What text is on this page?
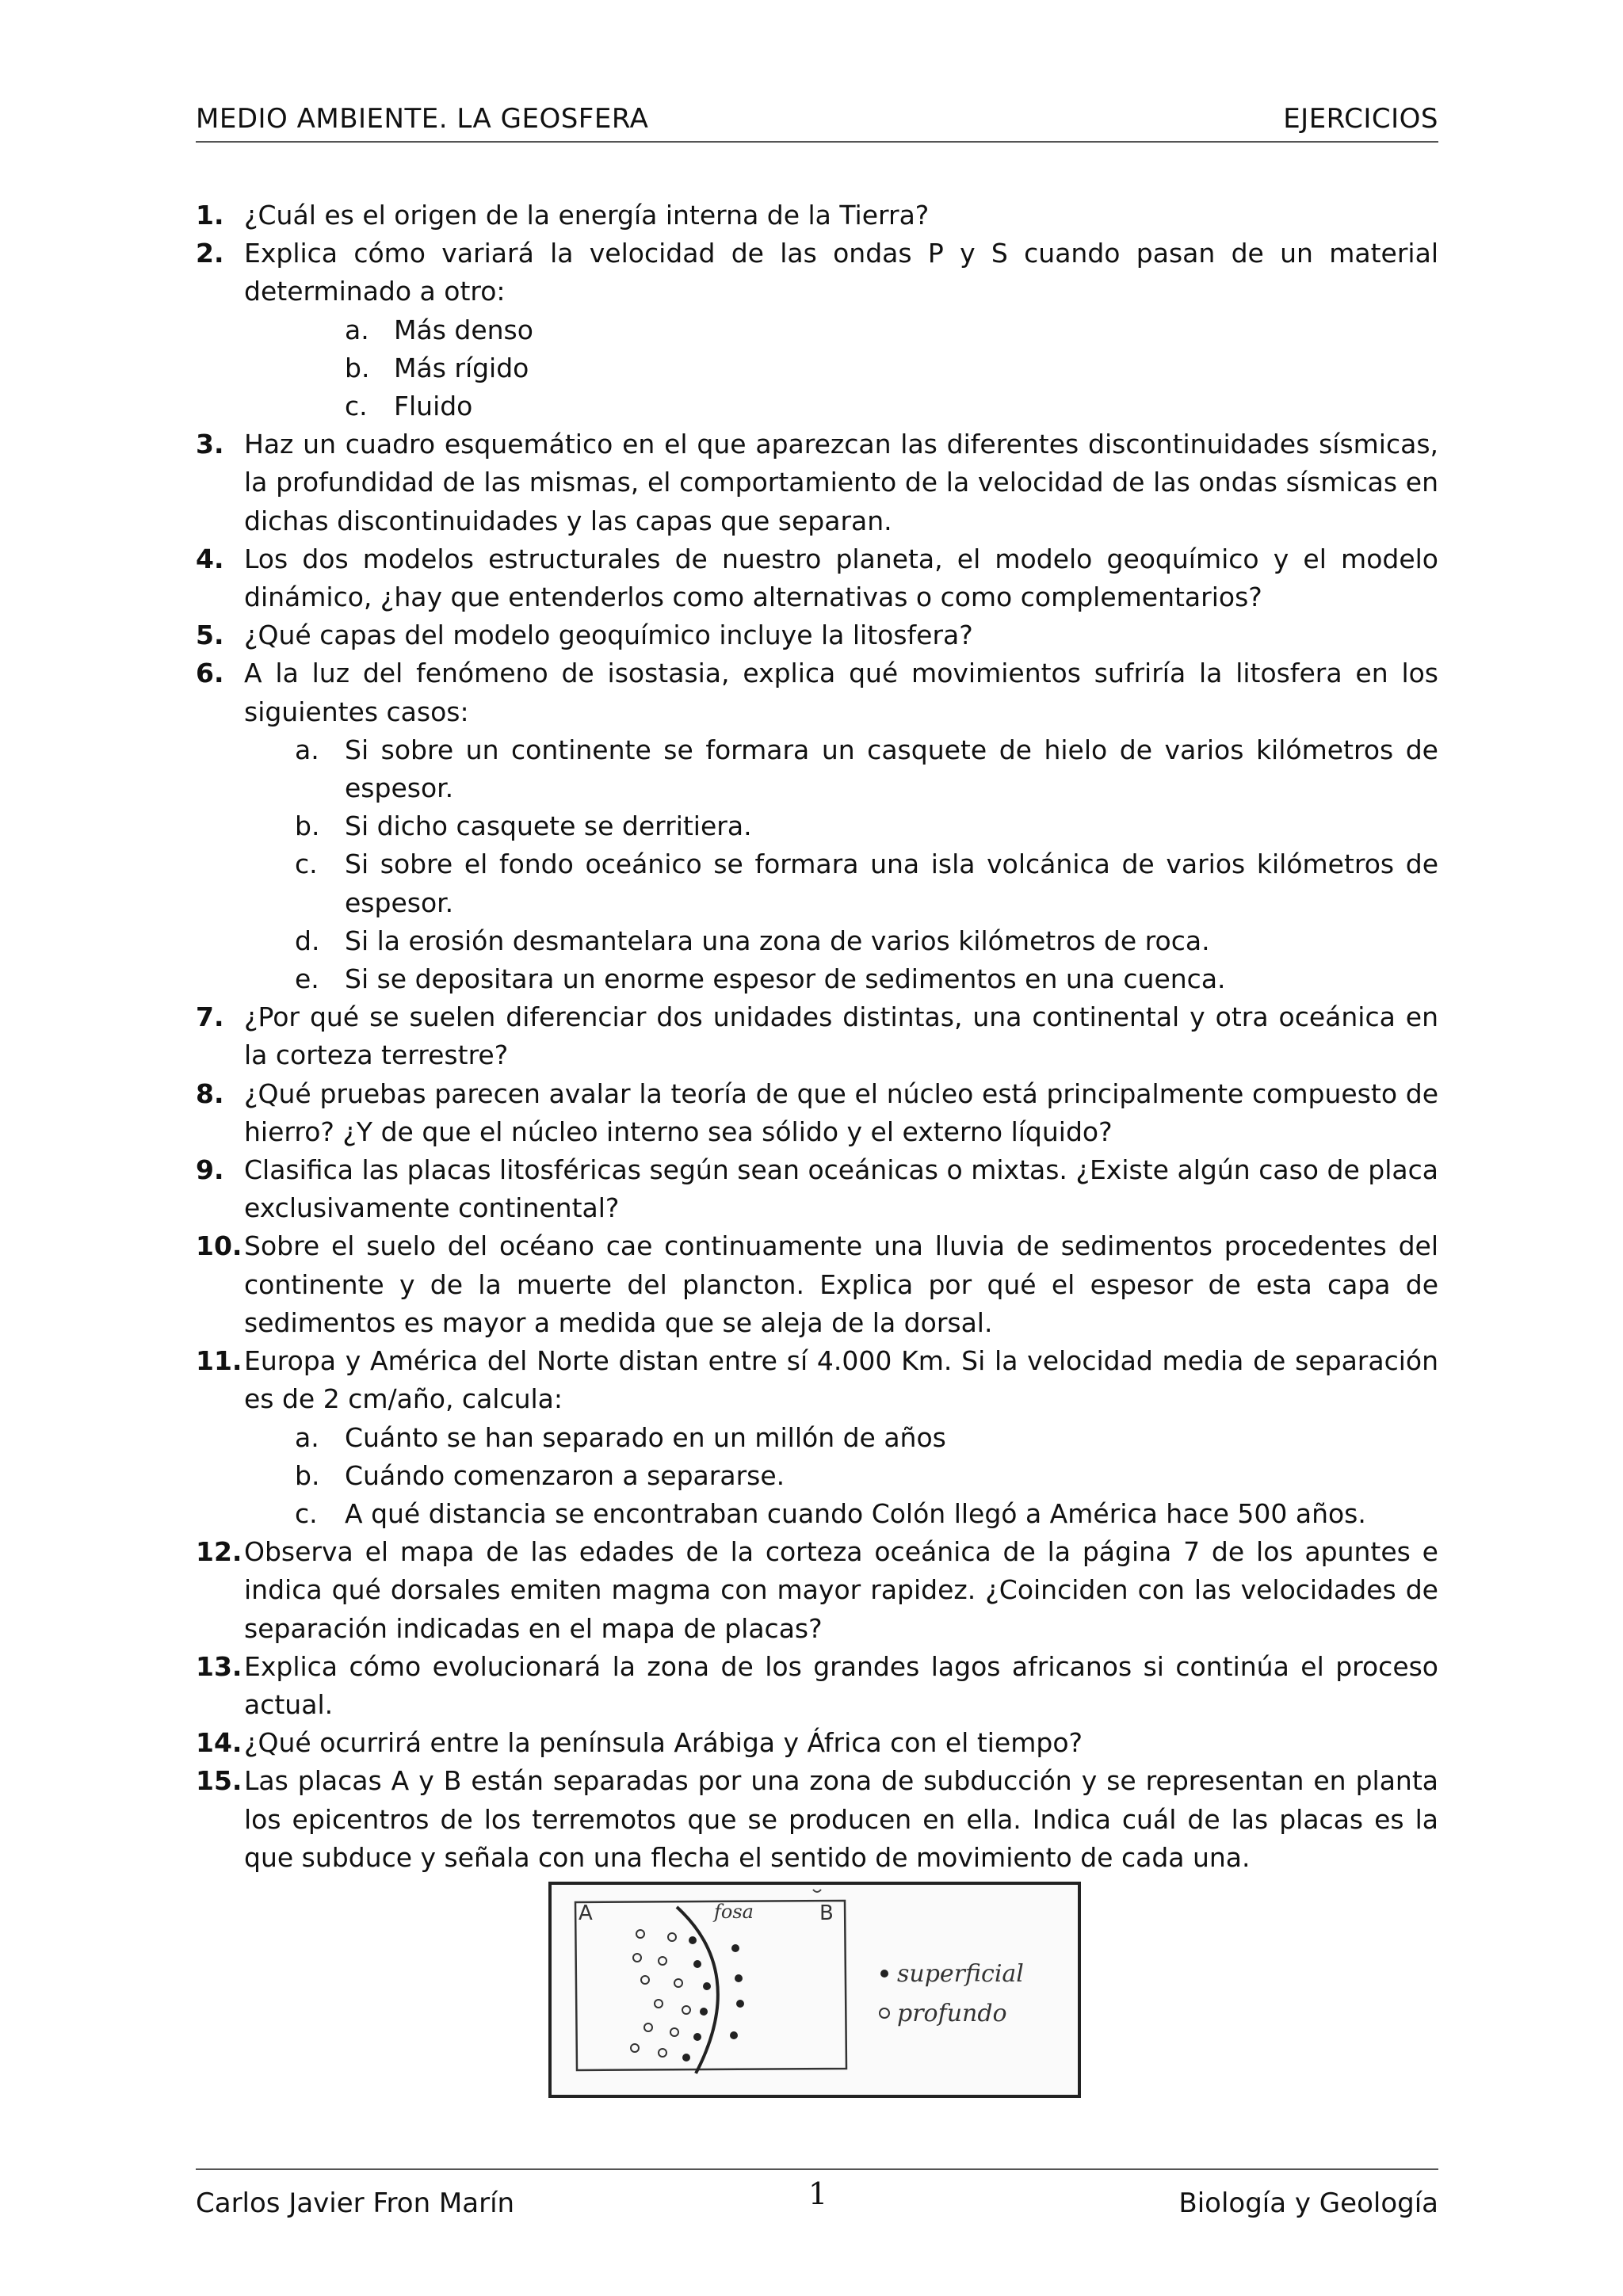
MEDIO AMBIENTE. LA GEOSFERA	EJERCICIOS
1. ¿Cuál es el origen de la energía interna de la Tierra?
2. Explica cómo variará la velocidad de las ondas P y S cuando pasan de un material determinado a otro:
a. Más denso
b. Más rígido
c. Fluido
3. Haz un cuadro esquemático en el que aparezcan las diferentes discontinuidades sísmicas, la profundidad de las mismas, el comportamiento de la velocidad de las ondas sísmicas en dichas discontinuidades y las capas que separan.
4. Los dos modelos estructurales de nuestro planeta, el modelo geoquímico y el modelo dinámico, ¿hay que entenderlos como alternativas o como complementarios?
5. ¿Qué capas del modelo geoquímico incluye la litosfera?
6. A la luz del fenómeno de isostasia, explica qué movimientos sufriría la litosfera en los siguientes casos:
a. Si sobre un continente se formara un casquete de hielo de varios kilómetros de espesor.
b. Si dicho casquete se derritiera.
c. Si sobre el fondo oceánico se formara una isla volcánica de varios kilómetros de espesor.
d. Si la erosión desmantelara una zona de varios kilómetros de roca.
e. Si se depositara un enorme espesor de sedimentos en una cuenca.
7. ¿Por qué se suelen diferenciar dos unidades distintas, una continental y otra oceánica en la corteza terrestre?
8. ¿Qué pruebas parecen avalar la teoría de que el núcleo está principalmente compuesto de hierro? ¿Y de que el núcleo interno sea sólido y el externo líquido?
9. Clasifica las placas litosféricas según sean oceánicas o mixtas. ¿Existe algún caso de placa exclusivamente continental?
10. Sobre el suelo del océano cae continuamente una lluvia de sedimentos procedentes del continente y de la muerte del plancton. Explica por qué el espesor de esta capa de sedimentos es mayor a medida que se aleja de la dorsal.
11. Europa y América del Norte distan entre sí 4.000 Km. Si la velocidad media de separación es de 2 cm/año, calcula:
a. Cuánto se han separado en un millón de años
b. Cuándo comenzaron a separarse.
c. A qué distancia se encontraban cuando Colón llegó a América hace 500 años.
12. Observa el mapa de las edades de la corteza oceánica de la página 7 de los apuntes e indica qué dorsales emiten magma con mayor rapidez. ¿Coinciden con las velocidades de separación indicadas en el mapa de placas?
13. Explica cómo evolucionará la zona de los grandes lagos africanos si continúa el proceso actual.
14. ¿Qué ocurrirá entre la península Arábiga y África con el tiempo?
15. Las placas A y B están separadas por una zona de subducción y se representan en planta los epicentros de los terremotos que se producen en ella. Indica cuál de las placas es la que subduce y señala con una flecha el sentido de movimiento de cada una.
A	B
fosa
superficial
profundo
Carlos Javier Fron Marín	1	Biología y Geología
